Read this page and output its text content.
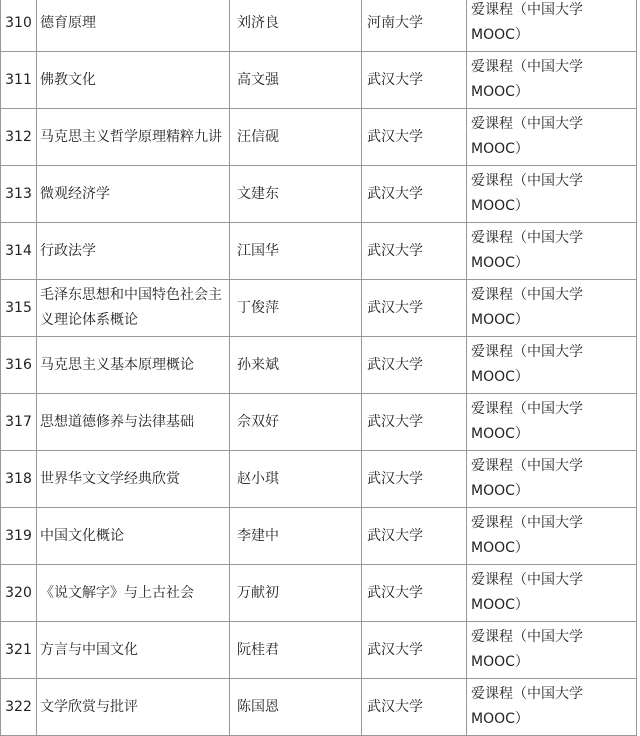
310	德育原理	刘济良	河南大学	爱课程（中国大学MOOC）
311	佛教文化	高文强	武汉大学	爱课程（中国大学MOOC）
312	马克思主义哲学原理精粹九讲	汪信砚	武汉大学	爱课程（中国大学MOOC）
313	微观经济学	文建东	武汉大学	爱课程（中国大学MOOC）
314	行政法学	江国华	武汉大学	爱课程（中国大学MOOC）
315	毛泽东思想和中国特色社会主义理论体系概论	丁俊萍	武汉大学	爱课程（中国大学MOOC）
316	马克思主义基本原理概论	孙来斌	武汉大学	爱课程（中国大学MOOC）
317	思想道德修养与法律基础	佘双好	武汉大学	爱课程（中国大学MOOC）
318	世界华文文学经典欣赏	赵小琪	武汉大学	爱课程（中国大学MOOC）
319	中国文化概论	李建中	武汉大学	爱课程（中国大学MOOC）
320	《说文解字》与上古社会	万献初	武汉大学	爱课程（中国大学MOOC）
321	方言与中国文化	阮桂君	武汉大学	爱课程（中国大学MOOC）
322	文学欣赏与批评	陈国恩	武汉大学	爱课程（中国大学MOOC）
